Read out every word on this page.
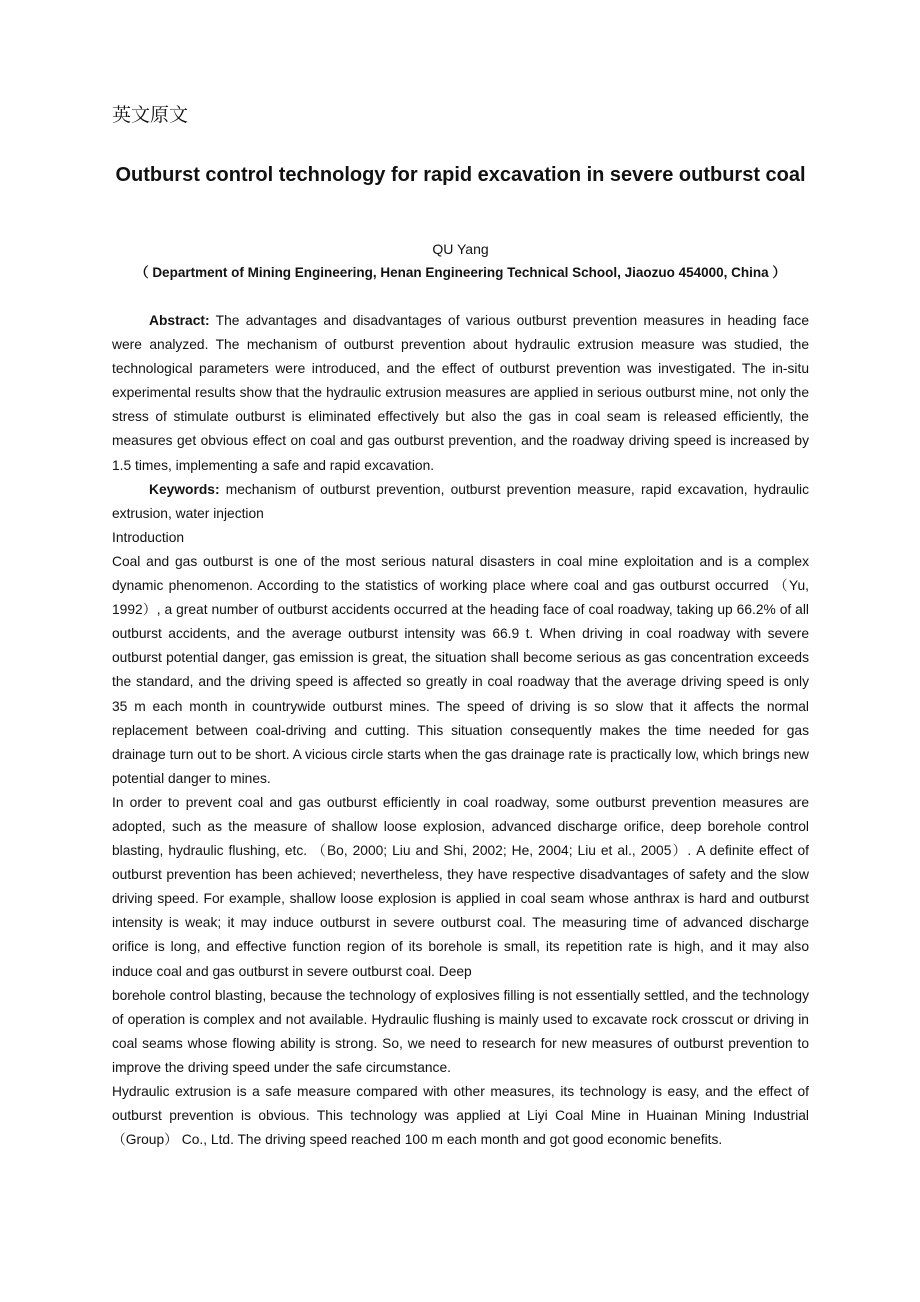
英文原文
Outburst control technology for rapid excavation in severe outburst coal
QU Yang
（ Department of Mining Engineering, Henan Engineering Technical School, Jiaozuo 454000, China ）

Abstract: The advantages and disadvantages of various outburst prevention measures in heading face were analyzed. The mechanism of outburst prevention about hydraulic extrusion measure was studied, the technological parameters were introduced, and the effect of outburst prevention was investigated. The in-situ experimental results show that the hydraulic extrusion measures are applied in serious outburst mine, not only the stress of stimulate outburst is eliminated effectively but also the gas in coal seam is released efficiently, the measures get obvious effect on coal and gas outburst prevention, and the roadway driving speed is increased by 1.5 times, implementing a safe and rapid excavation.

Keywords: mechanism of outburst prevention, outburst prevention measure, rapid excavation, hydraulic extrusion, water injection

Introduction

Coal and gas outburst is one of the most serious natural disasters in coal mine exploitation and is a complex dynamic phenomenon. According to the statistics of working place where coal and gas outburst occurred （Yu, 1992）, a great number of outburst accidents occurred at the heading face of coal roadway, taking up 66.2% of all outburst accidents, and the average outburst intensity was 66.9 t. When driving in coal roadway with severe outburst potential danger, gas emission is great, the situation shall become serious as gas concentration exceeds the standard, and the driving speed is affected so greatly in coal roadway that the average driving speed is only 35 m each month in countrywide outburst mines. The speed of driving is so slow that it affects the normal replacement between coal-driving and cutting. This situation consequently makes the time needed for gas drainage turn out to be short. A vicious circle starts when the gas drainage rate is practically low, which brings new potential danger to mines.

In order to prevent coal and gas outburst efficiently in coal roadway, some outburst prevention measures are adopted, such as the measure of shallow loose explosion, advanced discharge orifice, deep borehole control blasting, hydraulic flushing, etc. （Bo, 2000; Liu and Shi, 2002; He, 2004; Liu et al., 2005）. A definite effect of outburst prevention has been achieved; nevertheless, they have respective disadvantages of safety and the slow driving speed. For example, shallow loose explosion is applied in coal seam whose anthrax is hard and outburst intensity is weak; it may induce outburst in severe outburst coal. The measuring time of advanced discharge orifice is long, and effective function region of its borehole is small, its repetition rate is high, and it may also induce coal and gas outburst in severe outburst coal. Deep

borehole control blasting, because the technology of explosives filling is not essentially settled, and the technology of operation is complex and not available. Hydraulic flushing is mainly used to excavate rock crosscut or driving in coal seams whose flowing ability is strong. So, we need to research for new measures of outburst prevention to improve the driving speed under the safe circumstance.

Hydraulic extrusion is a safe measure compared with other measures, its technology is easy, and the effect of outburst prevention is obvious. This technology was applied at Liyi Coal Mine in Huainan Mining Industrial （Group） Co., Ltd. The driving speed reached 100 m each month and got good economic benefits.
